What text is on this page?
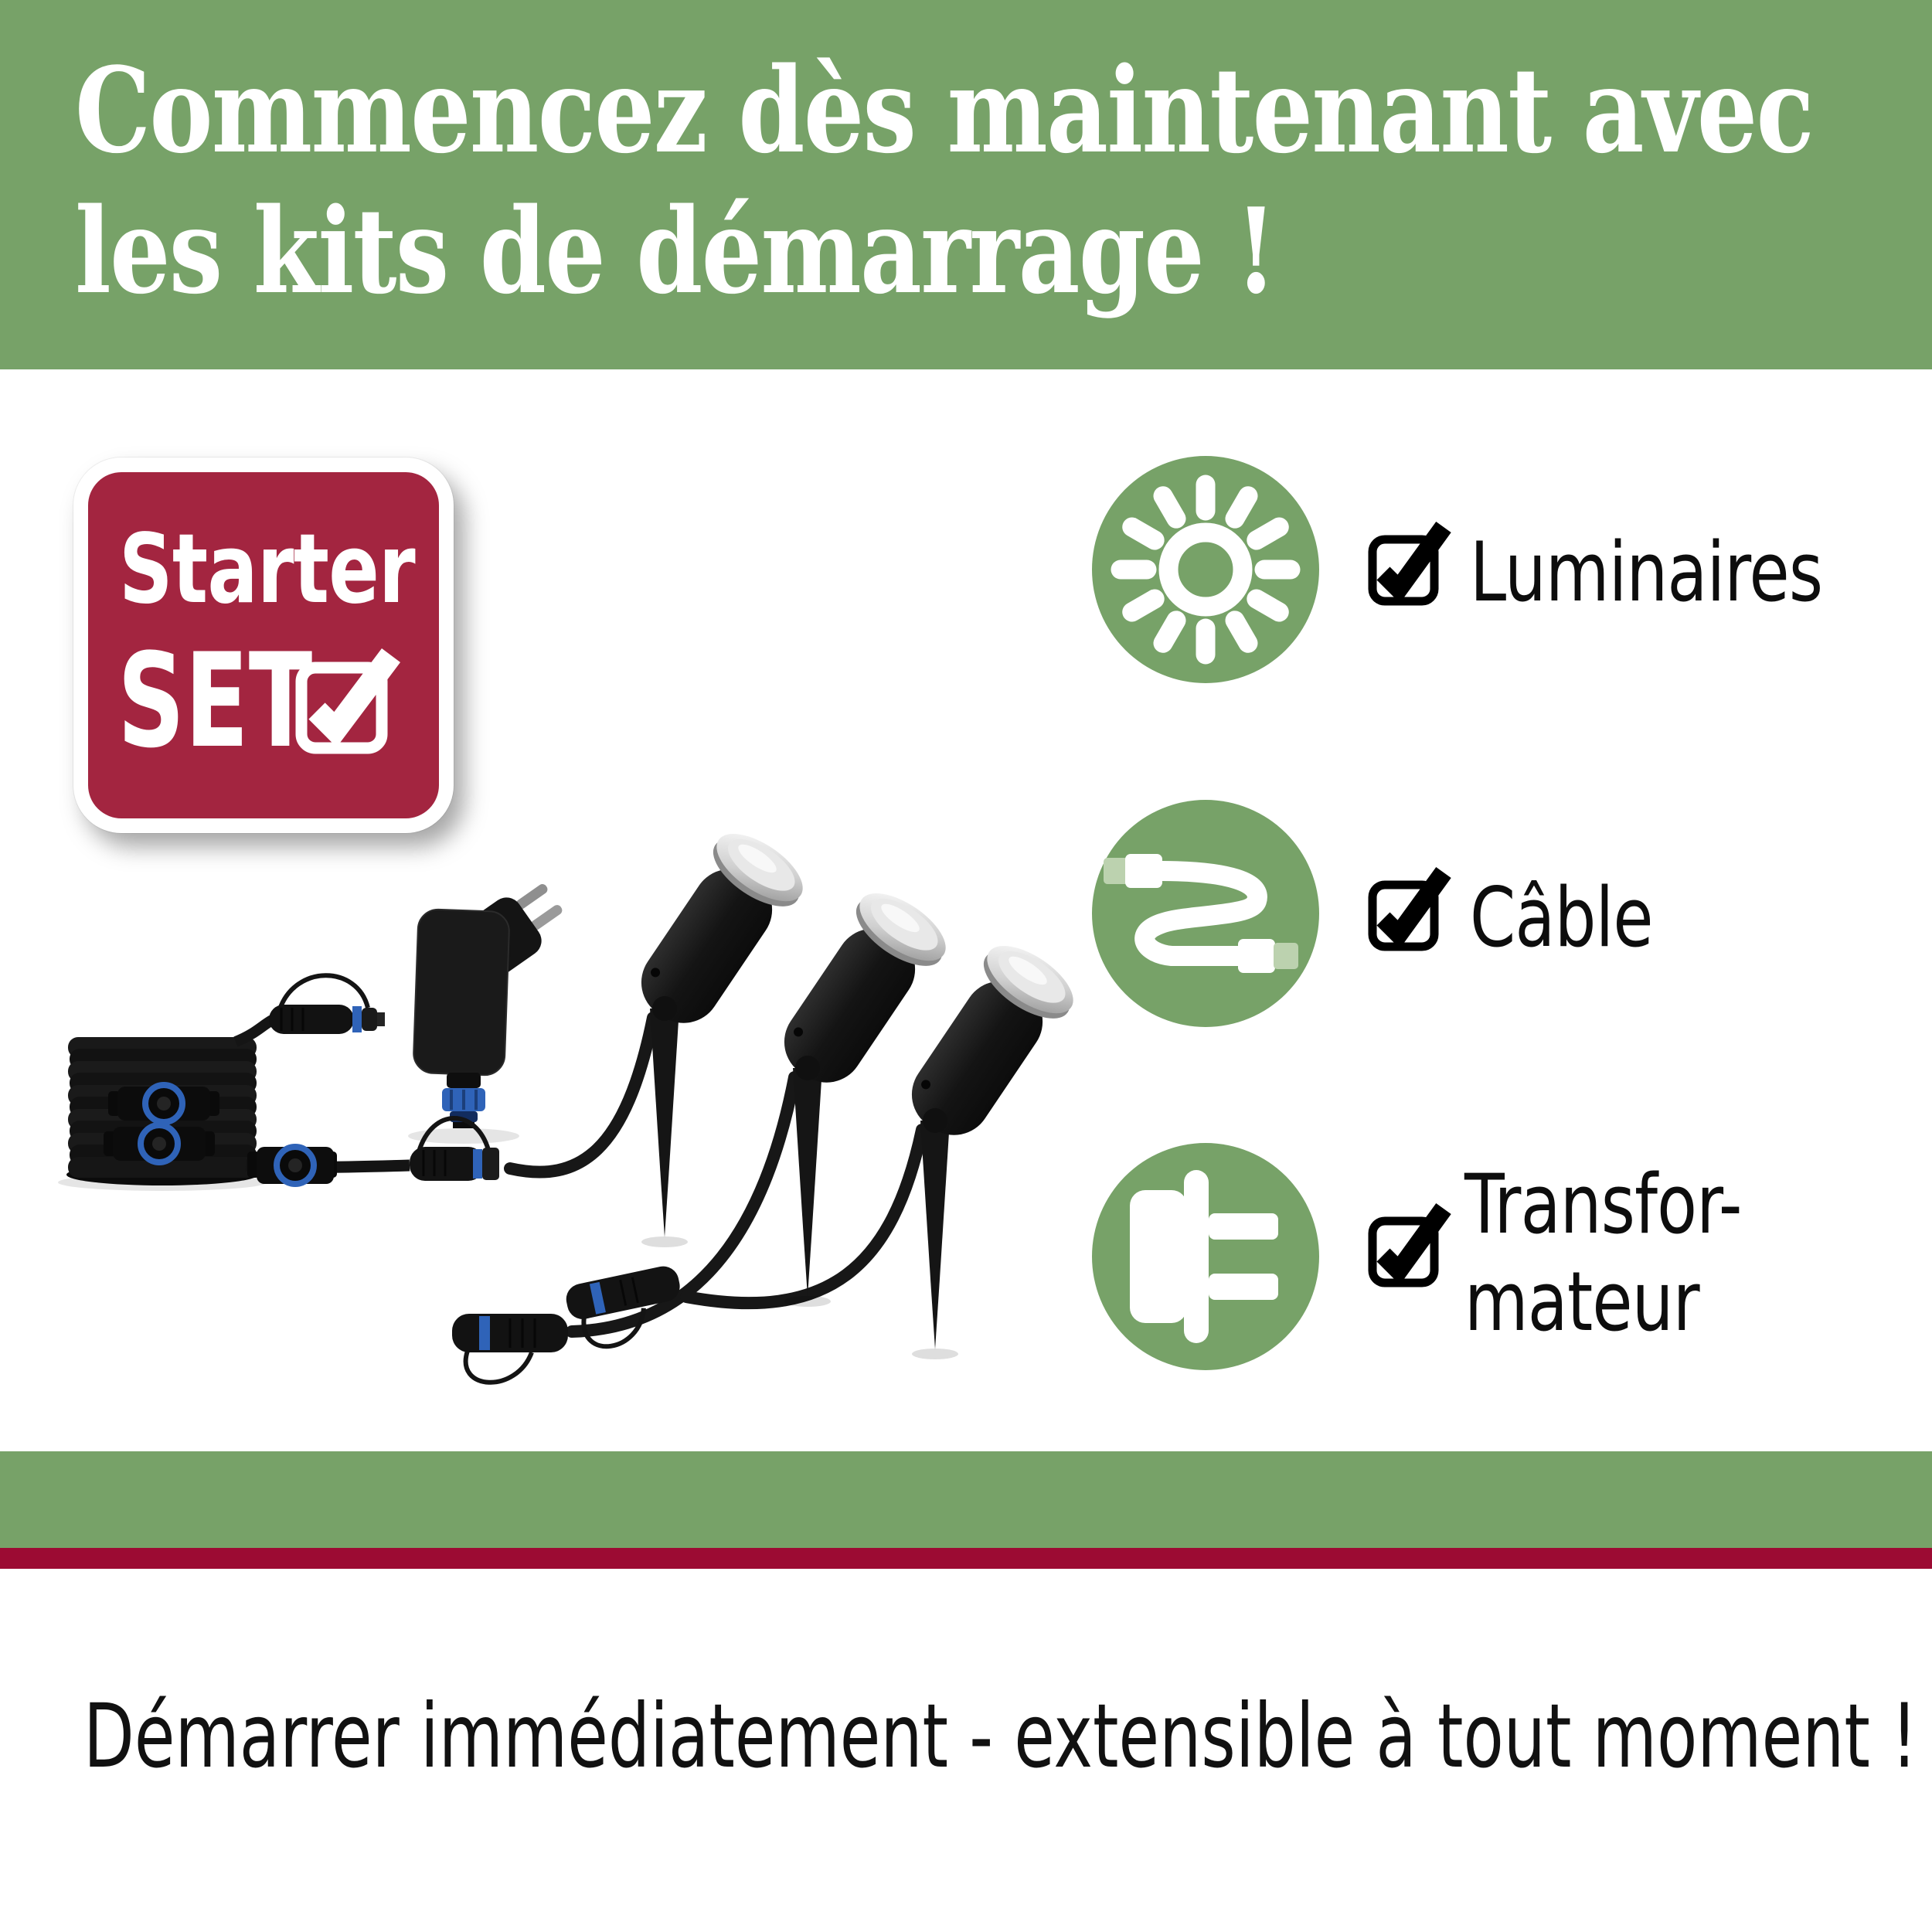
Commencez dès maintenant avec
les kits de démarrage !
Starter
SET
Luminaires
Câble
Transfor-
mateur
Démarrer immédiatement - extensible à tout moment !
